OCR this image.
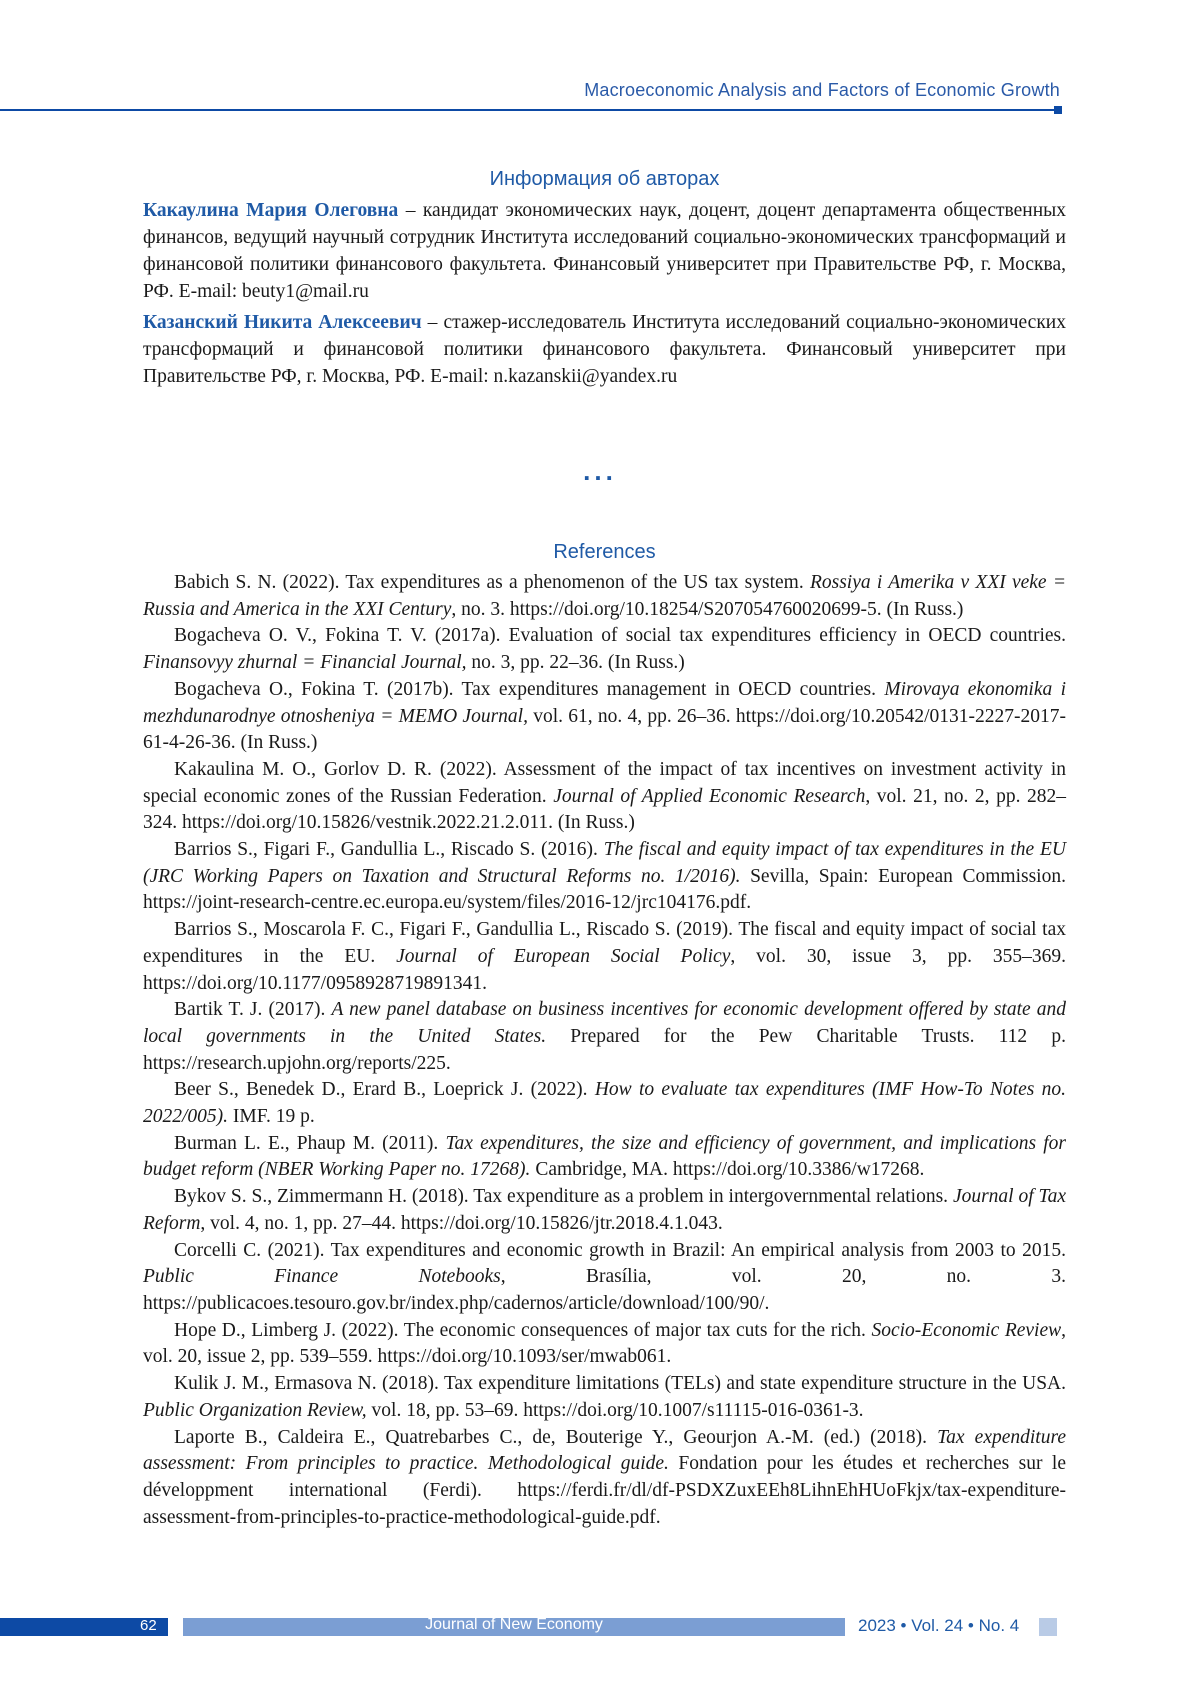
Macroeconomic Analysis and Factors of Economic Growth
Информация об авторах

Какаулина Мария Олеговна – кандидат экономических наук, доцент, доцент департамента общественных финансов, ведущий научный сотрудник Института исследований социально-экономических трансформаций и финансовой политики финансового факультета. Финансовый университет при Правительстве РФ, г. Москва, РФ. E-mail: beuty1@mail.ru

Казанский Никита Алексеевич – стажер-исследователь Института исследований социально-экономических трансформаций и финансовой политики финансового факультета. Финансовый университет при Правительстве РФ, г. Москва, РФ. E-mail: n.kazanskii@yandex.ru

...
References

Babich S. N. (2022). Tax expenditures as a phenomenon of the US tax system. Rossiya i Amerika v XXI veke = Russia and America in the XXI Century, no. 3. https://doi.org/10.18254/S207054760020699-5. (In Russ.)

Bogacheva O. V., Fokina T. V. (2017a). Evaluation of social tax expenditures efficiency in OECD countries. Finansovyy zhurnal = Financial Journal, no. 3, pp. 22–36. (In Russ.)

Bogacheva O., Fokina T. (2017b). Tax expenditures management in OECD countries. Mirovaya ekonomika i mezhdunarodnye otnosheniya = MEMO Journal, vol. 61, no. 4, pp. 26–36. https://doi.org/10.20542/0131-2227-2017-61-4-26-36. (In Russ.)

Kakaulina M. O., Gorlov D. R. (2022). Assessment of the impact of tax incentives on investment activity in special economic zones of the Russian Federation. Journal of Applied Economic Research, vol. 21, no. 2, pp. 282–324. https://doi.org/10.15826/vestnik.2022.21.2.011. (In Russ.)

Barrios S., Figari F., Gandullia L., Riscado S. (2016). The fiscal and equity impact of tax expenditures in the EU (JRC Working Papers on Taxation and Structural Reforms no. 1/2016). Sevilla, Spain: European Commission. https://joint-research-centre.ec.europa.eu/system/files/2016-12/jrc104176.pdf.

Barrios S., Moscarola F. C., Figari F., Gandullia L., Riscado S. (2019). The fiscal and equity impact of social tax expenditures in the EU. Journal of European Social Policy, vol. 30, issue 3, pp. 355–369. https://doi.org/10.1177/0958928719891341.

Bartik T. J. (2017). A new panel database on business incentives for economic development offered by state and local governments in the United States. Prepared for the Pew Charitable Trusts. 112 p. https://research.upjohn.org/reports/225.

Beer S., Benedek D., Erard B., Loeprick J. (2022). How to evaluate tax expenditures (IMF How-To Notes no. 2022/005). IMF. 19 p.

Burman L. E., Phaup M. (2011). Tax expenditures, the size and efficiency of government, and implications for budget reform (NBER Working Paper no. 17268). Cambridge, MA. https://doi.org/10.3386/w17268.

Bykov S. S., Zimmermann H. (2018). Tax expenditure as a problem in intergovernmental relations. Journal of Tax Reform, vol. 4, no. 1, pp. 27–44. https://doi.org/10.15826/jtr.2018.4.1.043.

Corcelli C. (2021). Tax expenditures and economic growth in Brazil: An empirical analysis from 2003 to 2015. Public Finance Notebooks, Brasília, vol. 20, no. 3. https://publicacoes.tesouro.gov.br/index.php/cadernos/article/download/100/90/.

Hope D., Limberg J. (2022). The economic consequences of major tax cuts for the rich. Socio-Economic Review, vol. 20, issue 2, pp. 539–559. https://doi.org/10.1093/ser/mwab061.

Kulik J. M., Ermasova N. (2018). Tax expenditure limitations (TELs) and state expenditure structure in the USA. Public Organization Review, vol. 18, pp. 53–69. https://doi.org/10.1007/s11115-016-0361-3.

Laporte B., Caldeira E., Quatrebarbes C., de, Bouterige Y., Geourjon A.-M. (ed.) (2018). Tax expenditure assessment: From principles to practice. Methodological guide. Fondation pour les études et recherches sur le développment international (Ferdi). https://ferdi.fr/dl/df-PSDXZuxEEh8LihnEhHUoFkjx/tax-expenditure-assessment-from-principles-to-practice-methodological-guide.pdf.

62	Journal of New Economy	2023 • Vol. 24 • No. 4
